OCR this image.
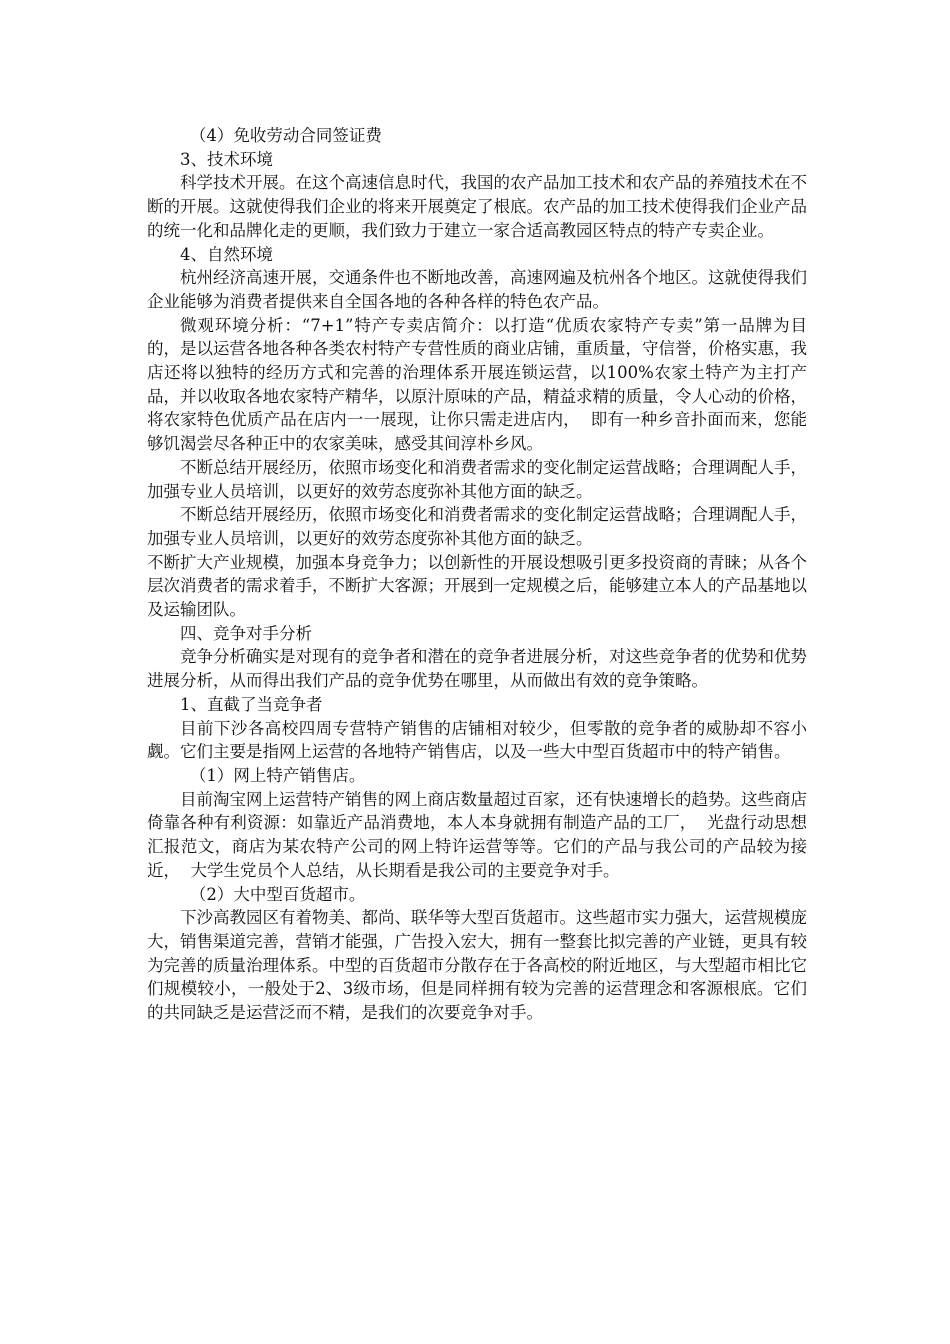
（4）免收劳动合同签证费

3、技术环境

科学技术开展。在这个高速信息时代，我国的农产品加工技术和农产品的养殖技术在不断的开展。这就使得我们企业的将来开展奠定了根底。农产品的加工技术使得我们企业产品的统一化和品牌化走的更顺，我们致力于建立一家合适高教园区特点的特产专卖企业。

4、自然环境

杭州经济高速开展，交通条件也不断地改善，高速网遍及杭州各个地区。这就使得我们企业能够为消费者提供来自全国各地的各种各样的特色农产品。

微观环境分析：“7+1”特产专卖店简介：以打造“优质农家特产专卖”第一品牌为目的，是以运营各地各种各类农村特产专营性质的商业店铺，重质量，守信誉，价格实惠，我店还将以独特的经历方式和完善的治理体系开展连锁运营，以100%农家土特产为主打产品，并以收取各地农家特产精华，以原汁原味的产品，精益求精的质量，令人心动的价格，将农家特色优质产品在店内一一展现，让你只需走进店内，  即有一种乡音扑面而来，您能够饥渴尝尽各种正中的农家美味，感受其间淳朴乡风。

不断总结开展经历，依照市场变化和消费者需求的变化制定运营战略；合理调配人手，加强专业人员培训，以更好的效劳态度弥补其他方面的缺乏。

不断总结开展经历，依照市场变化和消费者需求的变化制定运营战略；合理调配人手，加强专业人员培训，以更好的效劳态度弥补其他方面的缺乏。

不断扩大产业规模，加强本身竞争力；以创新性的开展设想吸引更多投资商的青睐；从各个层次消费者的需求着手，不断扩大客源；开展到一定规模之后，能够建立本人的产品基地以及运输团队。

四、竞争对手分析

竞争分析确实是对现有的竞争者和潜在的竞争者进展分析，对这些竞争者的优势和优势进展分析，从而得出我们产品的竞争优势在哪里，从而做出有效的竞争策略。

1、直截了当竞争者

目前下沙各高校四周专营特产销售的店铺相对较少，但零散的竞争者的威胁却不容小觑。它们主要是指网上运营的各地特产销售店，以及一些大中型百货超市中的特产销售。

（1）网上特产销售店。

目前淘宝网上运营特产销售的网上商店数量超过百家，还有快速增长的趋势。这些商店倚靠各种有利资源：如靠近产品消费地，本人本身就拥有制造产品的工厂，  光盘行动思想汇报范文，商店为某农特产公司的网上特许运营等等。它们的产品与我公司的产品较为接近，  大学生党员个人总结，从长期看是我公司的主要竞争对手。

（2）大中型百货超市。

下沙高教园区有着物美、都尚、联华等大型百货超市。这些超市实力强大，运营规模庞大，销售渠道完善，营销才能强，广告投入宏大，拥有一整套比拟完善的产业链，更具有较为完善的质量治理体系。中型的百货超市分散存在于各高校的附近地区，与大型超市相比它们规模较小，一般处于2、3级市场，但是同样拥有较为完善的运营理念和客源根底。它们的共同缺乏是运营泛而不精，是我们的次要竞争对手。
